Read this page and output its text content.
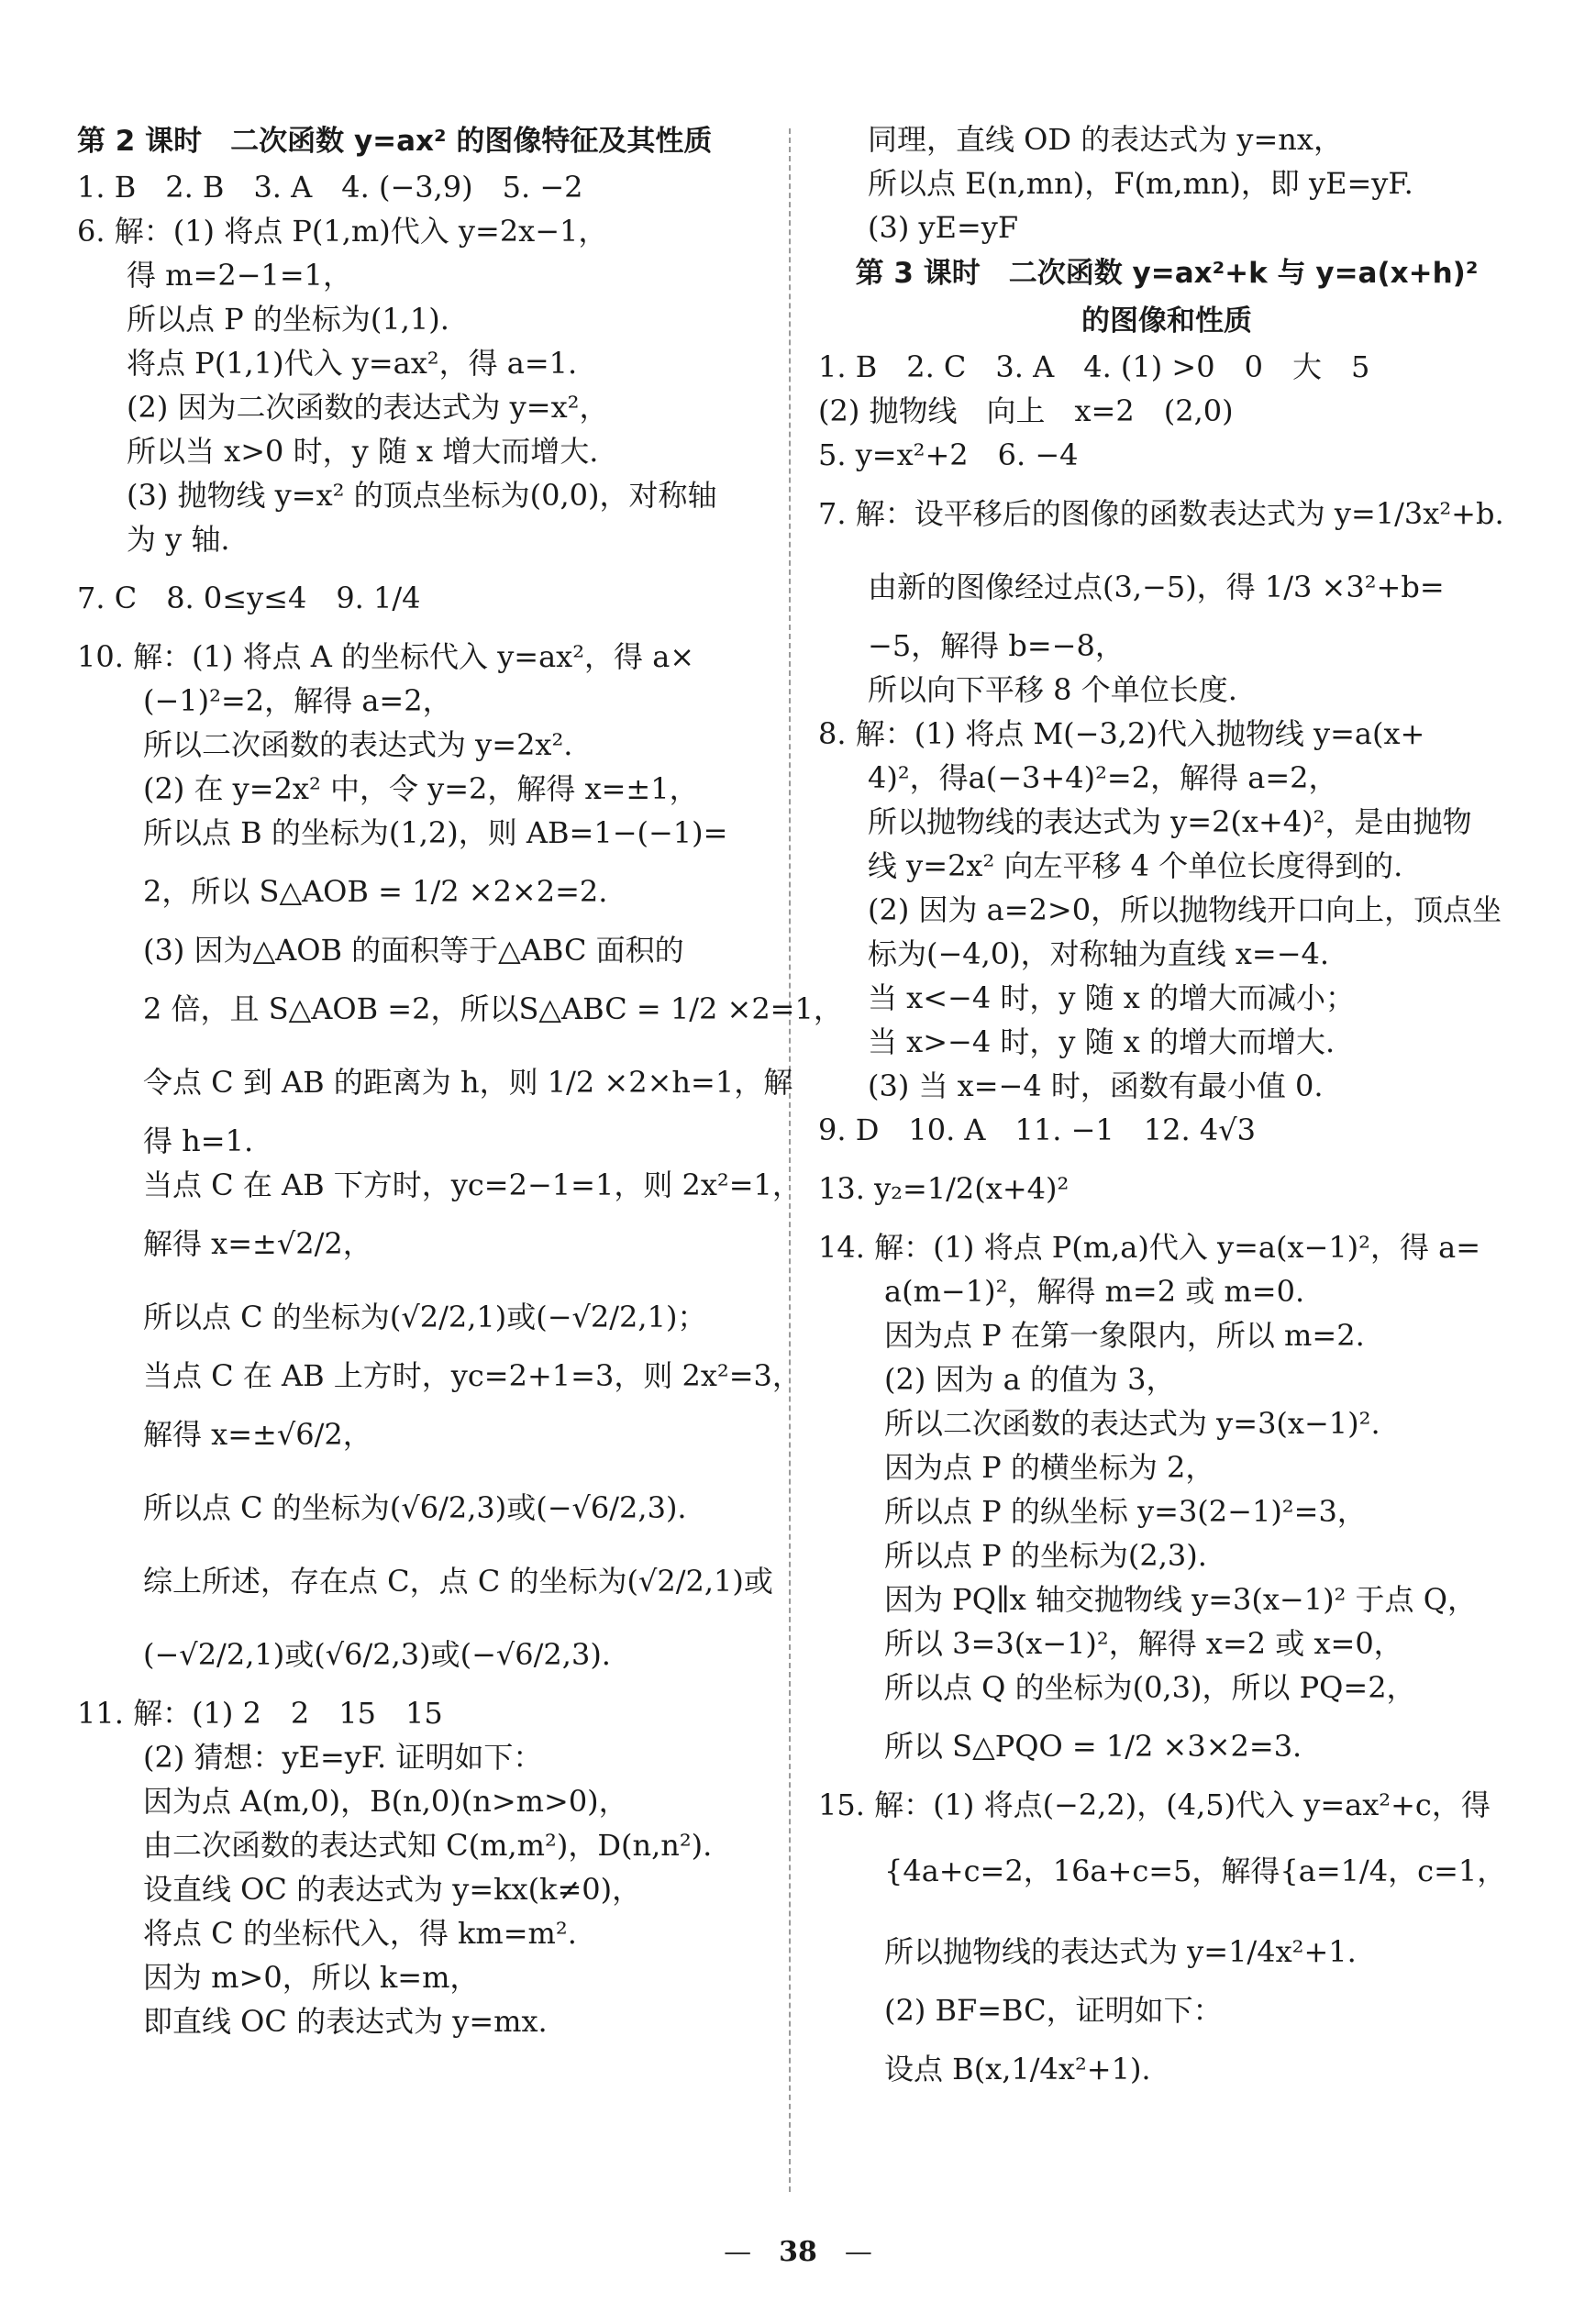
第 2 课时　二次函数 y=ax² 的图像特征及其性质
1. B　2. B　3. A　4. (−3,9)　5. −2
6. 解：(1) 将点 P(1,m)代入 y=2x−1，
得 m=2−1=1，
所以点 P 的坐标为(1,1).
将点 P(1,1)代入 y=ax²，得 a=1.
(2) 因为二次函数的表达式为 y=x²，
所以当 x>0 时，y 随 x 增大而增大.
(3) 抛物线 y=x² 的顶点坐标为(0,0)，对称轴
为 y 轴.
7. C　8. 0≤y≤4　9. 1/4
10. 解：(1) 将点 A 的坐标代入 y=ax²，得 a×
(−1)²=2，解得 a=2，
所以二次函数的表达式为 y=2x².
(2) 在 y=2x² 中，令 y=2，解得 x=±1，
所以点 B 的坐标为(1,2)，则 AB=1−(−1)=
2，所以 S△AOB = 1/2 ×2×2=2.
(3) 因为△AOB 的面积等于△ABC 面积的
2 倍，且 S△AOB =2，所以S△ABC = 1/2 ×2=1，
令点 C 到 AB 的距离为 h，则 1/2 ×2×h=1，解
得 h=1.
当点 C 在 AB 下方时，yc=2−1=1，则 2x²=1，
解得 x=±√2/2，
所以点 C 的坐标为(√2/2,1)或(−√2/2,1)；
当点 C 在 AB 上方时，yc=2+1=3，则 2x²=3，
解得 x=±√6/2，
所以点 C 的坐标为(√6/2,3)或(−√6/2,3).
综上所述，存在点 C，点 C 的坐标为(√2/2,1)或
(−√2/2,1)或(√6/2,3)或(−√6/2,3).
11. 解：(1) 2　2　15　15
(2) 猜想：yE=yF. 证明如下：
因为点 A(m,0)，B(n,0)(n>m>0)，
由二次函数的表达式知 C(m,m²)，D(n,n²).
设直线 OC 的表达式为 y=kx(k≠0)，
将点 C 的坐标代入，得 km=m².
因为 m>0，所以 k=m，
即直线 OC 的表达式为 y=mx.
同理，直线 OD 的表达式为 y=nx，
所以点 E(n,mn)，F(m,mn)，即 yE=yF.
(3) yE=yF
第 3 课时　二次函数 y=ax²+k 与 y=a(x+h)²
的图像和性质
1. B　2. C　3. A　4. (1) >0　0　大　5
(2) 抛物线　向上　x=2　(2,0)
5. y=x²+2　6. −4
7. 解：设平移后的图像的函数表达式为 y=1/3x²+b.
由新的图像经过点(3,−5)，得 1/3 ×3²+b=
−5，解得 b=−8，
所以向下平移 8 个单位长度.
8. 解：(1) 将点 M(−3,2)代入抛物线 y=a(x+
4)²，得a(−3+4)²=2，解得 a=2，
所以抛物线的表达式为 y=2(x+4)²，是由抛物
线 y=2x² 向左平移 4 个单位长度得到的.
(2) 因为 a=2>0，所以抛物线开口向上，顶点坐
标为(−4,0)，对称轴为直线 x=−4.
当 x<−4 时，y 随 x 的增大而减小；
当 x>−4 时，y 随 x 的增大而增大.
(3) 当 x=−4 时，函数有最小值 0.
9. D　10. A　11. −1　12. 4√3
13. y₂=1/2(x+4)²
14. 解：(1) 将点 P(m,a)代入 y=a(x−1)²，得 a=
a(m−1)²，解得 m=2 或 m=0.
因为点 P 在第一象限内，所以 m=2.
(2) 因为 a 的值为 3，
所以二次函数的表达式为 y=3(x−1)².
因为点 P 的横坐标为 2，
所以点 P 的纵坐标 y=3(2−1)²=3，
所以点 P 的坐标为(2,3).
因为 PQ∥x 轴交抛物线 y=3(x−1)² 于点 Q，
所以 3=3(x−1)²，解得 x=2 或 x=0，
所以点 Q 的坐标为(0,3)，所以 PQ=2，
所以 S△PQO = 1/2 ×3×2=3.
15. 解：(1) 将点(−2,2)，(4,5)代入 y=ax²+c，得
{4a+c=2，16a+c=5，解得{a=1/4，c=1，
所以抛物线的表达式为 y=1/4x²+1.
(2) BF=BC，证明如下：
设点 B(x,1/4x²+1).
—　38　—
